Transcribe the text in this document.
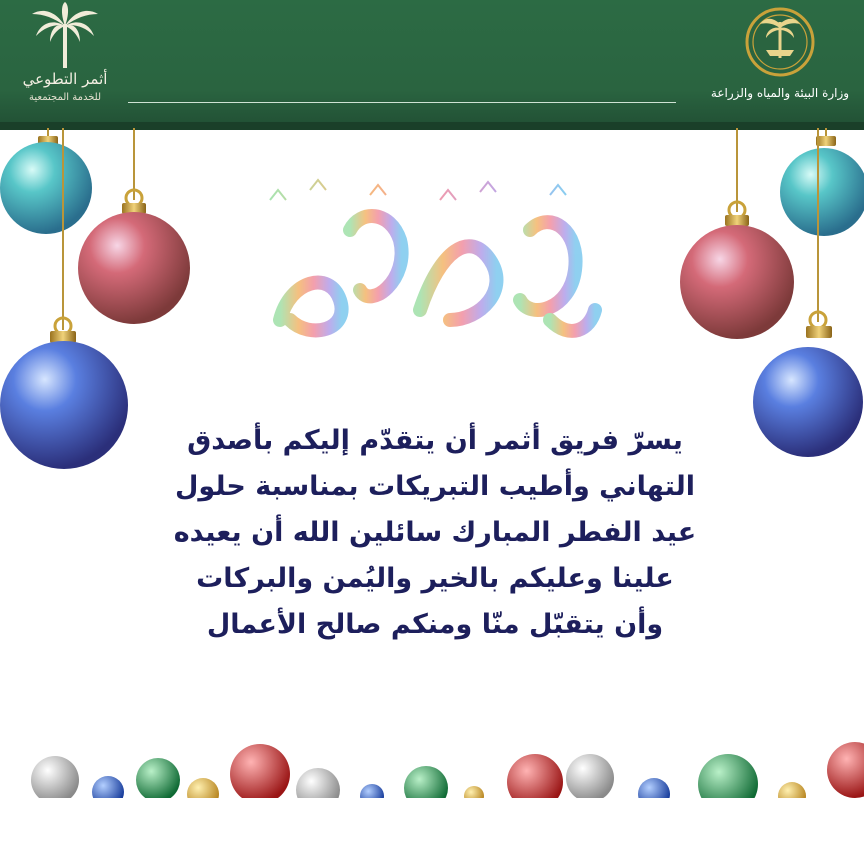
أثمر التطوعي
للخدمة المجتمعية	وزارة البيئة والمياه والزراعة
عيد سعيد
يسرّ فريق أثمر أن يتقدّم إليكم بأصدق
التهاني وأطيب التبريكات بمناسبة حلول
عيد الفطر المبارك سائلين الله أن يعيده
علينا وعليكم بالخير واليُمن والبركات
وأن يتقبّل منّا ومنكم صالح الأعمال
